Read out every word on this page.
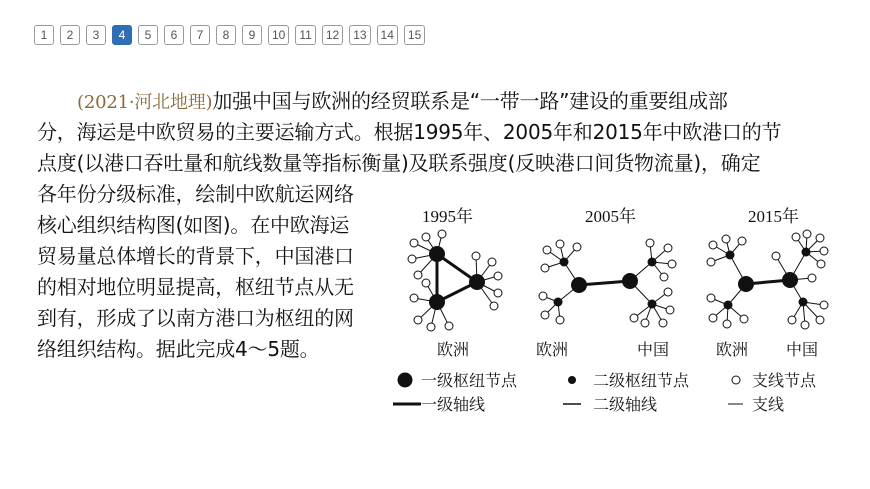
1	2	3	4	5	6	7	8	9	10	11	12	13	14	15
(2021·河北地理)加强中国与欧洲的经贸联系是“一带一路”建设的重要组成部
分，海运是中欧贸易的主要运输方式。根据1995年、2005年和2015年中欧港口的节
点度(以港口吞吐量和航线数量等指标衡量)及联系强度(反映港口间货物流量)，确定
各年份分级标准，绘制中欧航运网络
核心组织结构图(如图)。在中欧海运
贸易量总体增长的背景下，中国港口
的相对地位明显提高，枢纽节点从无
到有，形成了以南方港口为枢纽的网
络组织结构。据此完成4～5题。
1995年	2005年	2015年
欧洲	欧洲	中国	欧洲 中国
一级枢纽节点	二级枢纽节点	支线节点
一级轴线	二级轴线	支线
